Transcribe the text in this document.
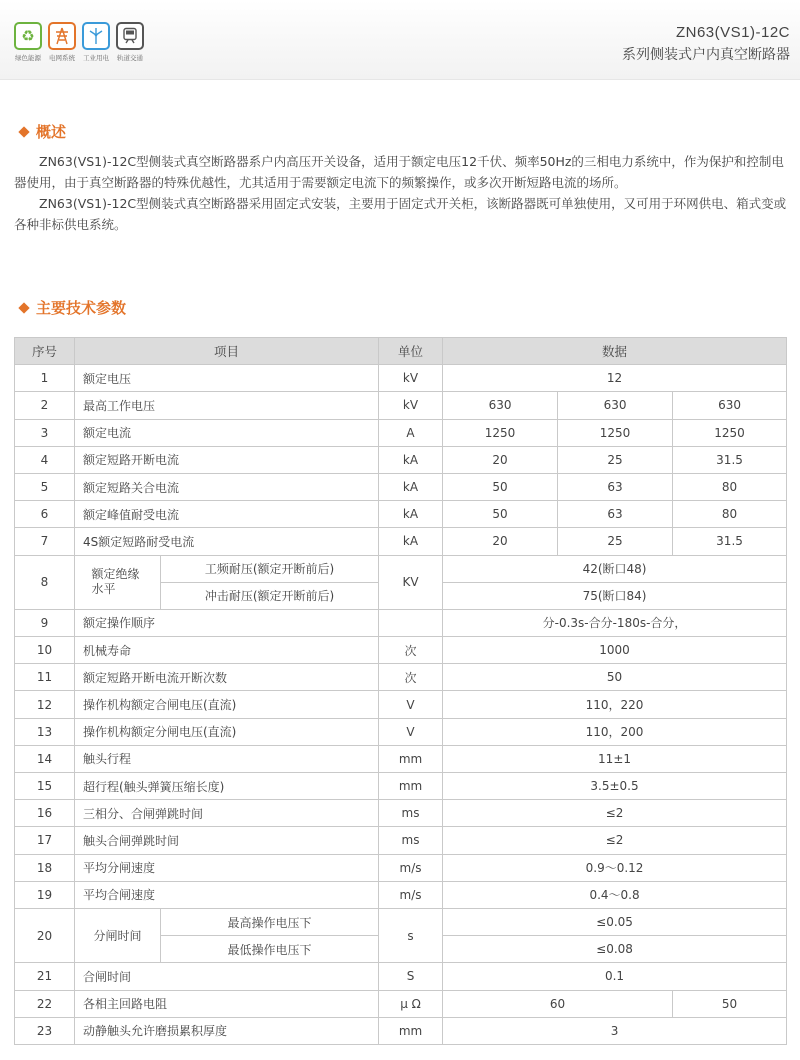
♻
绿色能源	电网系统	工业用电	轨道交通
ZN63(VS1)-12C
系列侧装式户内真空断路器
概述

ZN63(VS1)-12C型侧装式真空断路器系户内高压开关设备，适用于额定电压12千伏、频率50Hz的三相电力系统中，作为保护和控制电器使用，由于真空断路器的特殊优越性，尤其适用于需要额定电流下的频繁操作，或多次开断短路电流的场所。

ZN63(VS1)-12C型侧装式真空断路器采用固定式安装，主要用于固定式开关柜，该断路器既可单独使用，又可用于环网供电、箱式变或各种非标供电系统。

主要技术参数
序号	项目		单位	数据		
1	额定电压		kV	12		
2	最高工作电压		kV	630	630	630
3	额定电流		A	1250	1250	1250
4	额定短路开断电流		kA	20	25	31.5
5	额定短路关合电流		kA	50	63	80
6	额定峰值耐受电流		kA	50	63	80
7	4S额定短路耐受电流		kA	20	25	31.5
8	额定绝缘水平	工频耐压(额定开断前后)	KV	42(断口48)		
		冲击耐压(额定开断前后)		75(断口84)		
9	额定操作顺序			分-0.3s-合分-180s-合分，		
10	机械寿命		次	1000		
11	额定短路开断电流开断次数		次	50		
12	操作机构额定合闸电压(直流)		V	110，220		
13	操作机构额定分闸电压(直流)		V	110，200		
14	触头行程		mm	11±1		
15	超行程(触头弹簧压缩长度)		mm	3.5±0.5		
16	三相分、合闸弹跳时间		ms	≤2		
17	触头合闸弹跳时间		ms	≤2		
18	平均分闸速度		m/s	0.9～0.12		
19	平均合闸速度		m/s	0.4～0.8		
20	分闸时间	最高操作电压下	s	≤0.05		
		最低操作电压下		≤0.08		
21	合闸时间		S	0.1		
22	各相主回路电阻		μ Ω	60		50
23	动静触头允许磨损累积厚度		mm	3		
